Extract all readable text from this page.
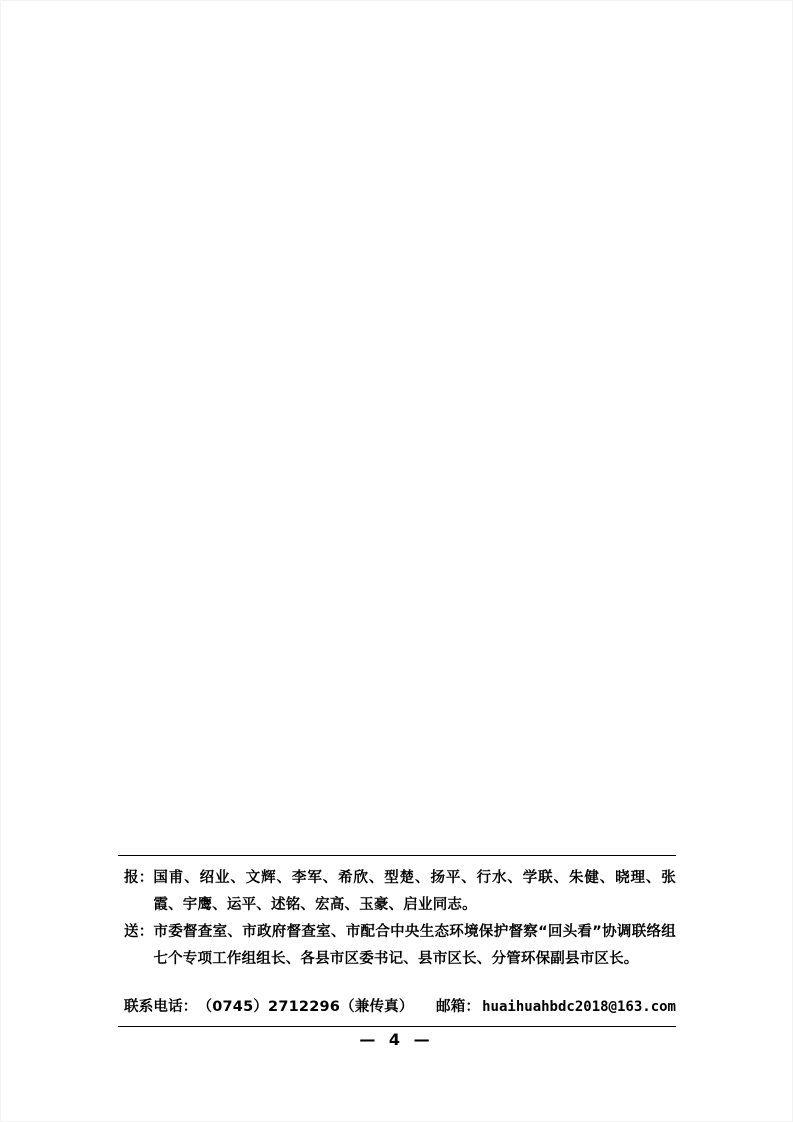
报： 国甫、绍业、文辉、李军、希欣、型楚、扬平、行水、学联、朱健、晓理、张霞、宇鹰、运平、述铭、宏高、玉豪、启业同志。
送： 市委督查室、市政府督查室、市配合中央生态环境保护督察“回头看”协调联络组七个专项工作组组长、各县市区委书记、县市区长、分管环保副县市区长。
联系电话： （0745）2712296（兼传真） 邮箱： huaihuahbdc2018@163.com
— 4 —
